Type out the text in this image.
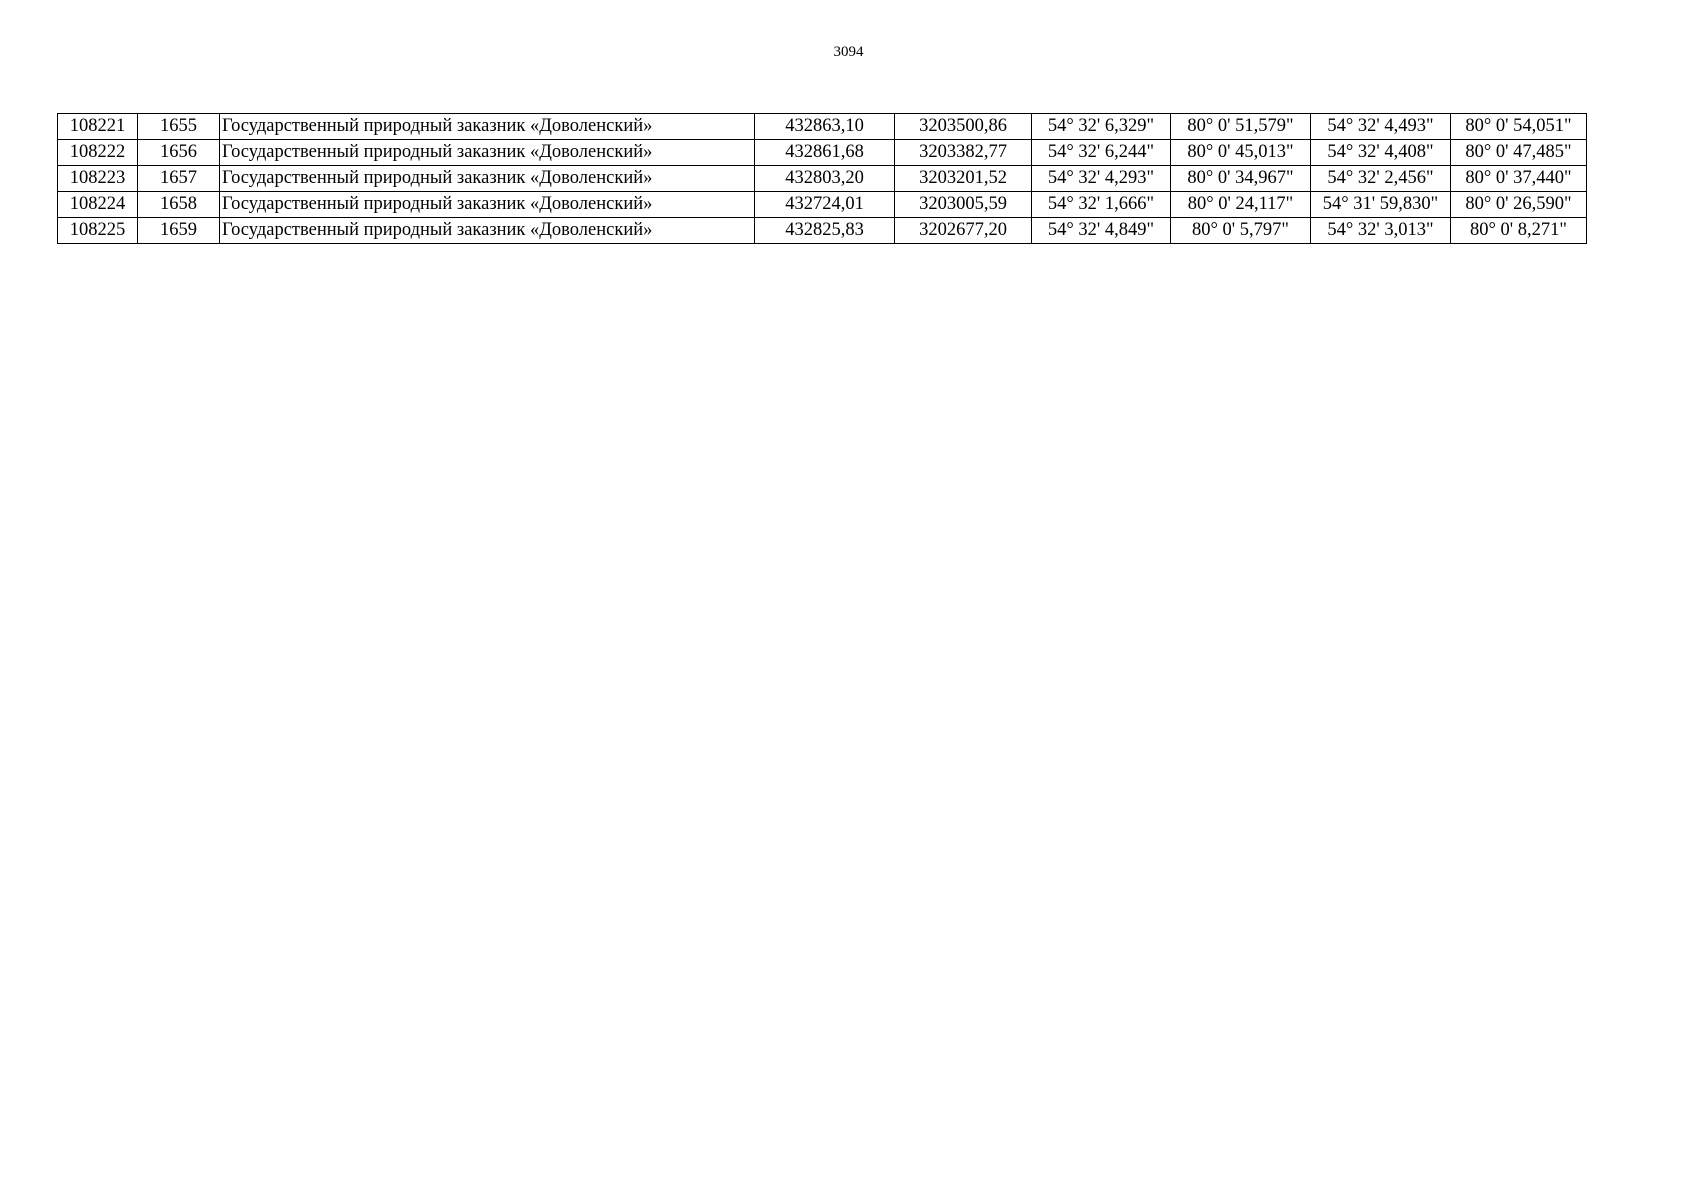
3094
108221	1655	Государственный природный заказник «Доволенский»	432863,10	3203500,86	54° 32' 6,329"	80° 0' 51,579"	54° 32' 4,493"	80° 0' 54,051"
108222	1656	Государственный природный заказник «Доволенский»	432861,68	3203382,77	54° 32' 6,244"	80° 0' 45,013"	54° 32' 4,408"	80° 0' 47,485"
108223	1657	Государственный природный заказник «Доволенский»	432803,20	3203201,52	54° 32' 4,293"	80° 0' 34,967"	54° 32' 2,456"	80° 0' 37,440"
108224	1658	Государственный природный заказник «Доволенский»	432724,01	3203005,59	54° 32' 1,666"	80° 0' 24,117"	54° 31' 59,830"	80° 0' 26,590"
108225	1659	Государственный природный заказник «Доволенский»	432825,83	3202677,20	54° 32' 4,849"	80° 0' 5,797"	54° 32' 3,013"	80° 0' 8,271"
